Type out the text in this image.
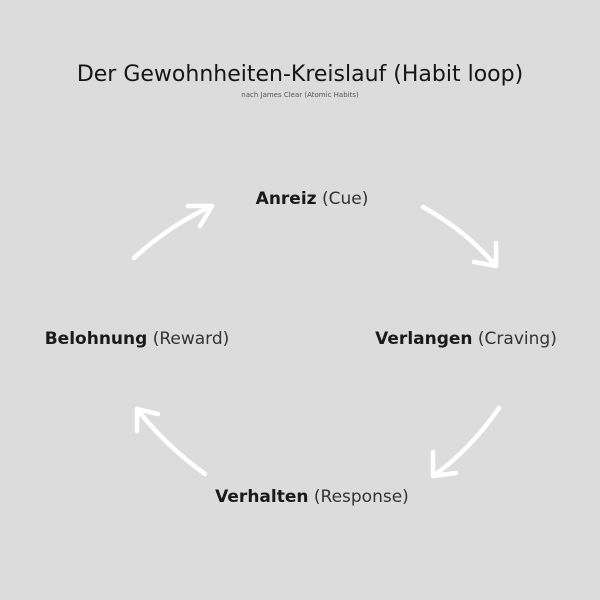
Der Gewohnheiten-Kreislauf (Habit loop)
nach James Clear (Atomic Habits)
Anreiz (Cue)
Verlangen (Craving)
Verhalten (Response)
Belohnung (Reward)
